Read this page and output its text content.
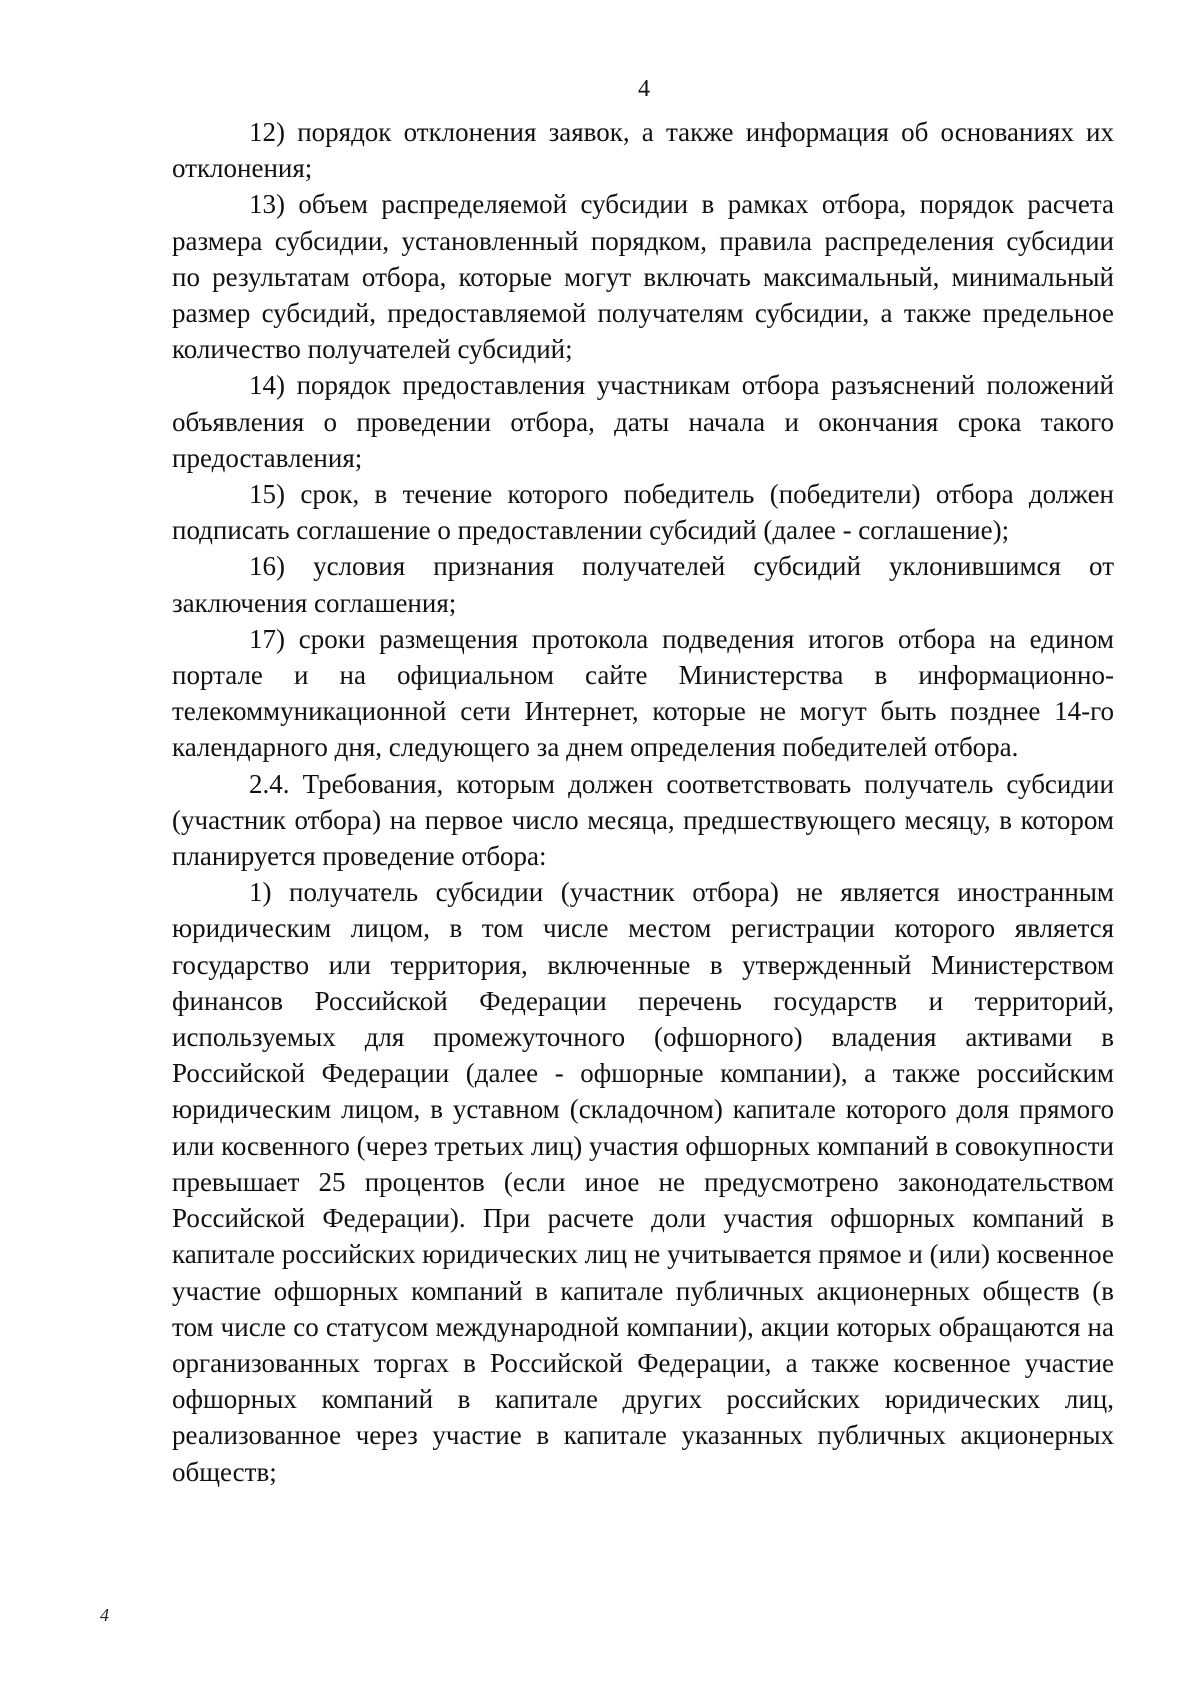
4

12) порядок отклонения заявок, а также информация об основаниях их отклонения;

13) объем распределяемой субсидии в рамках отбора, порядок расчета размера субсидии, установленный порядком, правила распределения субсидии по результатам отбора, которые могут включать максимальный, минимальный размер субсидий, предоставляемой получателям субсидии, а также предельное количество получателей субсидий;

14) порядок предоставления участникам отбора разъяснений положений объявления о проведении отбора, даты начала и окончания срока такого предоставления;

15) срок, в течение которого победитель (победители) отбора должен подписать соглашение о предоставлении субсидий (далее - соглашение);

16) условия признания получателей субсидий уклонившимся от заключения соглашения;

17) сроки размещения протокола подведения итогов отбора на едином портале и на официальном сайте Министерства в информационно-телекоммуникационной сети Интернет, которые не могут быть позднее 14-го календарного дня, следующего за днем определения победителей отбора.

2.4. Требования, которым должен соответствовать получатель субсидии (участник отбора) на первое число месяца, предшествующего месяцу, в котором планируется проведение отбора:

1) получатель субсидии (участник отбора) не является иностранным юридическим лицом, в том числе местом регистрации которого является государство или территория, включенные в утвержденный Министерством финансов Российской Федерации перечень государств и территорий, используемых для промежуточного (офшорного) владения активами в Российской Федерации (далее - офшорные компании), а также российским юридическим лицом, в уставном (складочном) капитале которого доля прямого или косвенного (через третьих лиц) участия офшорных компаний в совокупности превышает 25 процентов (если иное не предусмотрено законодательством Российской Федерации). При расчете доли участия офшорных компаний в капитале российских юридических лиц не учитывается прямое и (или) косвенное участие офшорных компаний в капитале публичных акционерных обществ (в том числе со статусом международной компании), акции которых обращаются на организованных торгах в Российской Федерации, а также косвенное участие офшорных компаний в капитале других российских юридических лиц, реализованное через участие в капитале указанных публичных акционерных обществ;

4
